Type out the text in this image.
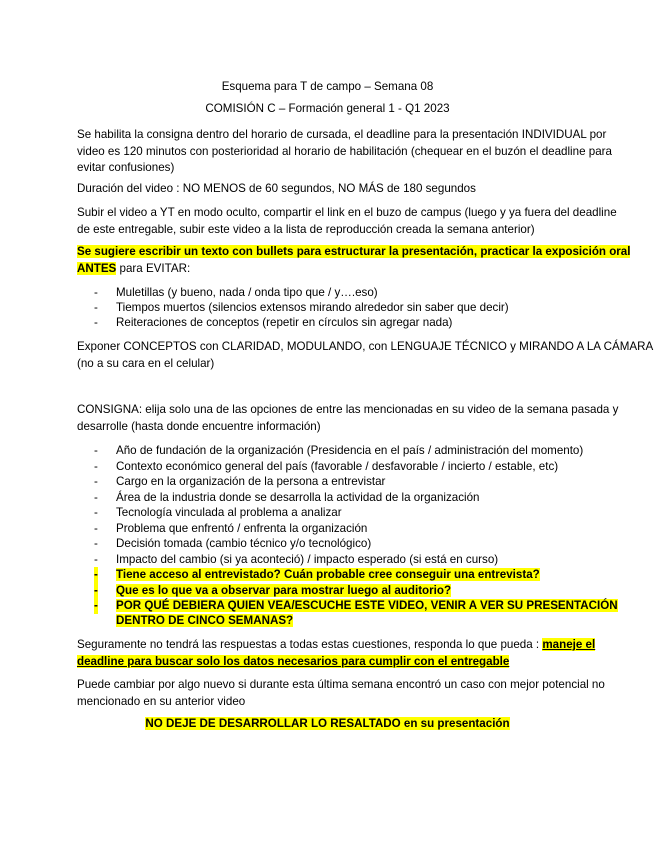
Esquema para T de campo – Semana 08
COMISIÓN C – Formación general 1 - Q1 2023
Se habilita la consigna dentro del horario de cursada, el deadline para la presentación INDIVIDUAL por
video es 120 minutos con posterioridad al horario de habilitación (chequear en el buzón el deadline para
evitar confusiones)
Duración del video : NO MENOS de 60 segundos, NO MÁS de 180 segundos
Subir el video a YT en modo oculto, compartir el link en el buzo de campus (luego y ya fuera del deadline
de este entregable, subir este video a la lista de reproducción creada la semana anterior)
Se sugiere escribir un texto con bullets para estructurar la presentación, practicar la exposición oral
ANTES para EVITAR:
- Muletillas (y bueno, nada / onda tipo que / y….eso)
- Tiempos muertos (silencios extensos mirando alrededor sin saber que decir)
- Reiteraciones de conceptos (repetir en círculos sin agregar nada)
Exponer CONCEPTOS con CLARIDAD, MODULANDO, con LENGUAJE TÉCNICO y MIRANDO A LA CÁMARA
(no a su cara en el celular)
CONSIGNA: elija solo una de las opciones de entre las mencionadas en su video de la semana pasada y
desarrolle (hasta donde encuentre información)
- Año de fundación de la organización (Presidencia en el país / administración del momento)
- Contexto económico general del país (favorable / desfavorable / incierto / estable, etc)
- Cargo en la organización de la persona a entrevistar
- Área de la industria donde se desarrolla la actividad de la organización
- Tecnología vinculada al problema a analizar
- Problema que enfrentó / enfrenta la organización
- Decisión tomada (cambio técnico y/o tecnológico)
- Impacto del cambio (si ya aconteció) / impacto esperado (si está en curso)
- Tiene acceso al entrevistado? Cuán probable cree conseguir una entrevista?
- Que es lo que va a observar para mostrar luego al auditorio?
- POR QUÉ DEBIERA QUIEN VEA/ESCUCHE ESTE VIDEO, VENIR A VER SU PRESENTACIÓN
DENTRO DE CINCO SEMANAS?
Seguramente no tendrá las respuestas a todas estas cuestiones, responda lo que pueda : maneje el
deadline para buscar solo los datos necesarios para cumplir con el entregable
Puede cambiar por algo nuevo si durante esta última semana encontró un caso con mejor potencial no
mencionado en su anterior video
NO DEJE DE DESARROLLAR LO RESALTADO en su presentación
